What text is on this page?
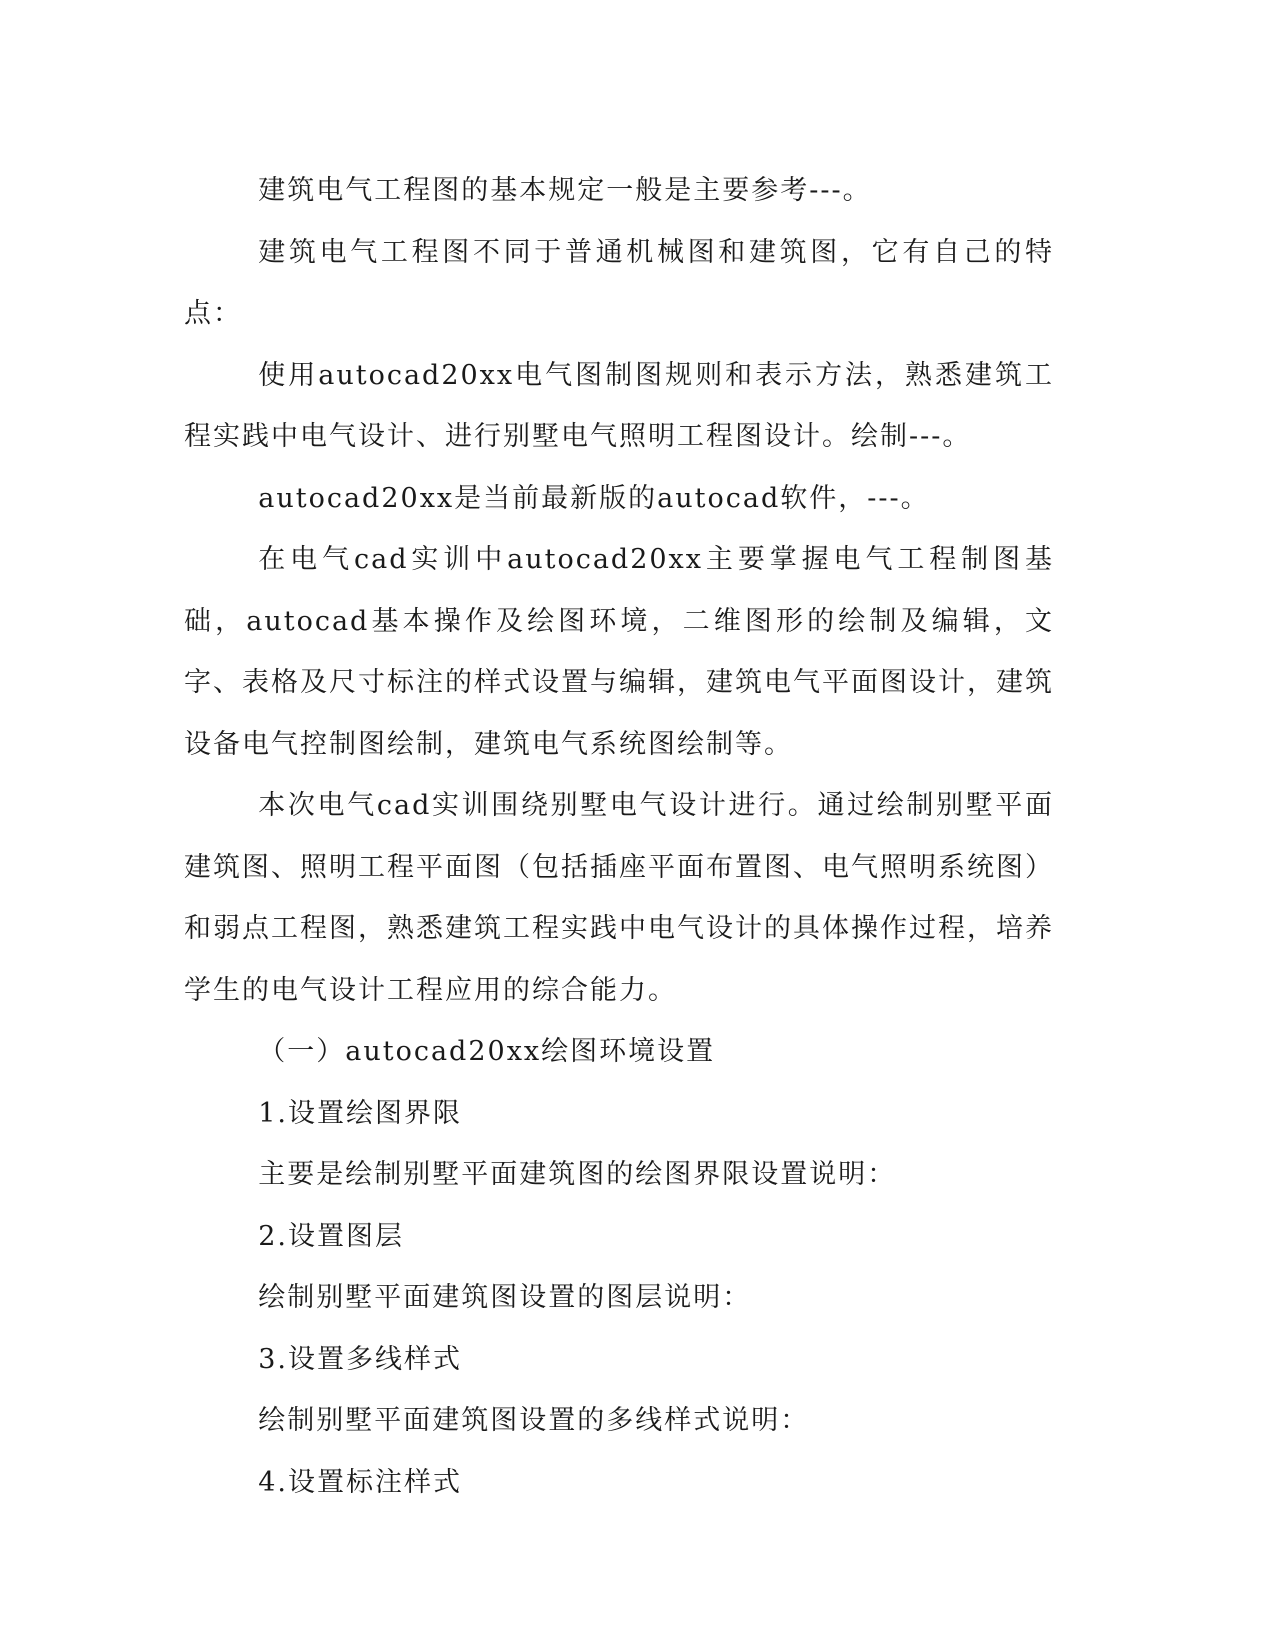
建筑电气工程图的基本规定一般是主要参考---。

建筑电气工程图不同于普通机械图和建筑图，它有自己的特点：

使用autocad20xx电气图制图规则和表示方法，熟悉建筑工程实践中电气设计、进行别墅电气照明工程图设计。绘制---。

autocad20xx是当前最新版的autocad软件，---。

在电气cad实训中autocad20xx主要掌握电气工程制图基础，autocad基本操作及绘图环境，二维图形的绘制及编辑，文字、表格及尺寸标注的样式设置与编辑，建筑电气平面图设计，建筑设备电气控制图绘制，建筑电气系统图绘制等。

本次电气cad实训围绕别墅电气设计进行。通过绘制别墅平面建筑图、照明工程平面图（包括插座平面布置图、电气照明系统图）和弱点工程图，熟悉建筑工程实践中电气设计的具体操作过程，培养学生的电气设计工程应用的综合能力。

（一）autocad20xx绘图环境设置

1.设置绘图界限

主要是绘制别墅平面建筑图的绘图界限设置说明：

2.设置图层

绘制别墅平面建筑图设置的图层说明：

3.设置多线样式

绘制别墅平面建筑图设置的多线样式说明：

4.设置标注样式
